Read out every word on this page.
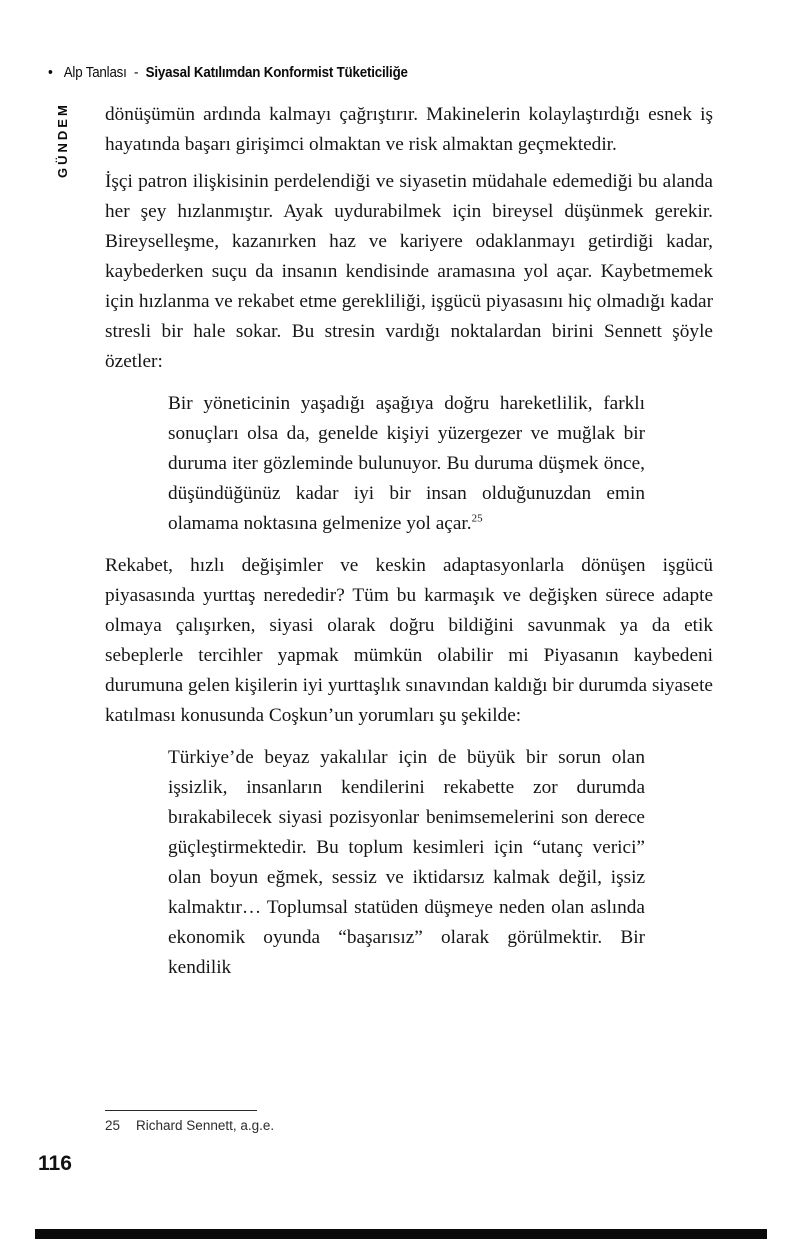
• Alp Tanlası - Siyasal Katılımdan Konformist Tüketiciliğe
GÜNDEM dönüşümün ardında kalmayı çağrıştırır. Makinelerin kolaylaştırdığı esnek iş hayatında başarı girişimci olmaktan ve risk almaktan geçmektedir.

İşçi patron ilişkisinin perdelendiği ve siyasetin müdahale edemediği bu alanda her şey hızlanmıştır. Ayak uydurabilmek için bireysel düşünmek gerekir. Bireyselleşme, kazanırken haz ve kariyere odaklanmayı getirdiği kadar, kaybederken suçu da insanın kendisinde aramasına yol açar. Kaybetmemek için hızlanma ve rekabet etme gerekliliği, işgücü piyasasını hiç olmadığı kadar stresli bir hale sokar. Bu stresin vardığı noktalardan birini Sennett şöyle özetler:

Bir yöneticinin yaşadığı aşağıya doğru hareketlilik, farklı sonuçları olsa da, genelde kişiyi yüzergezer ve muğlak bir duruma iter gözleminde bulunuyor. Bu duruma düşmek önce, düşündüğünüz kadar iyi bir insan olduğunuzdan emin olamama noktasına gelmenize yol açar.$^{25}$

Rekabet, hızlı değişimler ve keskin adaptasyonlarla dönüşen işgücü piyasasında yurttaş nerededir? Tüm bu karmaşık ve değişken sürece adapte olmaya çalışırken, siyasi olarak doğru bildiğini savunmak ya da etik sebeplerle tercihler yapmak mümkün olabilir mi Piyasanın kaybedeni durumuna gelen kişilerin iyi yurttaşlık sınavından kaldığı bir durumda siyasete katılması konusunda Coşkun’un yorumları şu şekilde:

Türkiye’de beyaz yakalılar için de büyük bir sorun olan işsizlik, insanların kendilerini rekabette zor durumda bırakabilecek siyasi pozisyonlar benimsemelerini son derece güçleştirmektedir. Bu toplum kesimleri için “utanç verici” olan boyun eğmek, sessiz ve iktidarsız kalmak değil, işsiz kalmaktır… Toplumsal statüden düşmeye neden olan aslında ekonomik oyunda “başarısız” olarak görülmektir. Bir kendilik
25 Richard Sennett, a.g.e.
116
